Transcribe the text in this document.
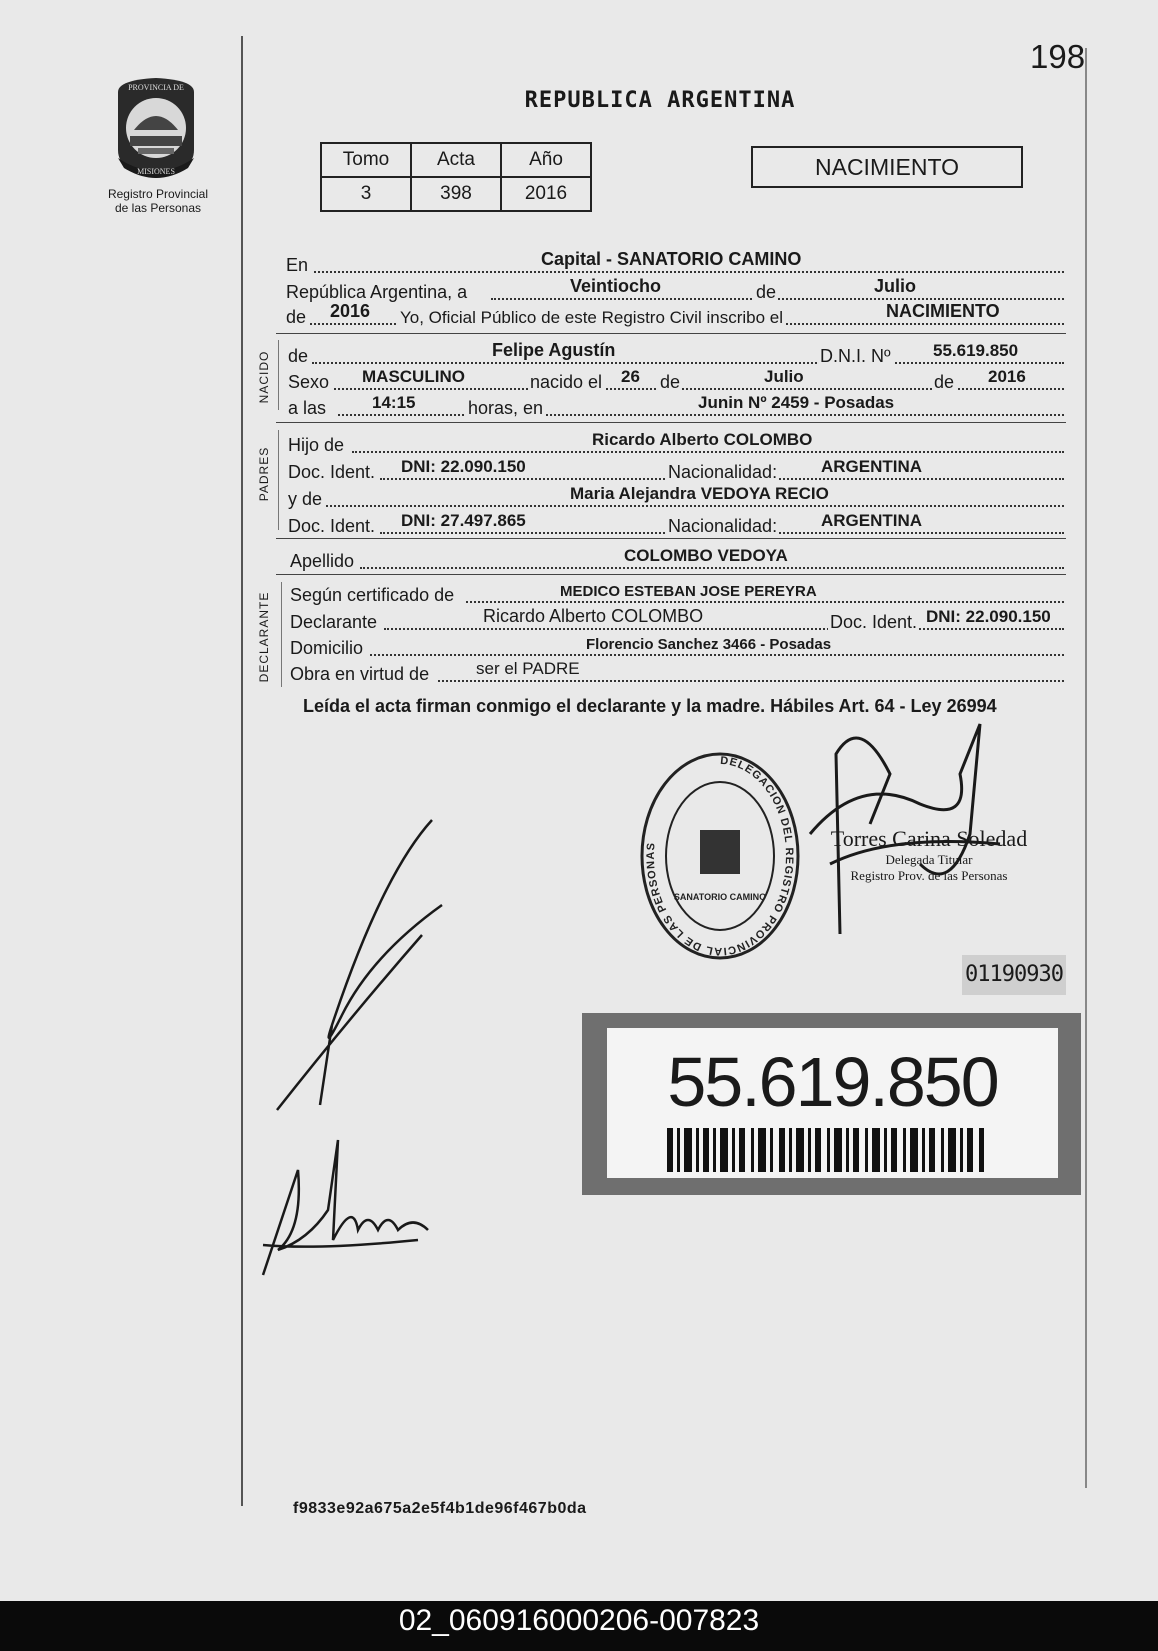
198
PROVINCIA DE
MISIONES
Registro Provincial
de las Personas
REPUBLICA ARGENTINA
Tomo	Acta	Año
3	398	2016
NACIMIENTO
En	Capital - SANATORIO CAMINO
República Argentina, a	Veintiocho	de	Julio
de 2016 Yo, Oficial Público de este Registro Civil inscribo el	NACIMIENTO
NACIDO de	Felipe Agustín	D.N.I. Nº 55.619.850
Sexo MASCULINO	nacido el 26 de	Julio	de 2016
a las	14:15	horas, en	Junin Nº 2459 - Posadas
PADRES
Hijo de	Ricardo Alberto COLOMBO
Doc. Ident. DNI: 22.090.150	Nacionalidad:	ARGENTINA
y de	Maria Alejandra VEDOYA RECIO
Doc. Ident. DNI: 27.497.865	Nacionalidad:	ARGENTINA
Apellido	COLOMBO VEDOYA
DECLARANTE Según certificado de	MEDICO ESTEBAN JOSE PEREYRA
Declarante	Ricardo Alberto COLOMBO	Doc. Ident. DNI: 22.090.150
Domicilio	Florencio Sanchez 3466 - Posadas
Obra en virtud de	ser el PADRE
Leída el acta firman conmigo el declarante y la madre. Hábiles Art. 64 - Ley 26994
DELEGACION DEL REGISTRO PROVINCIAL DE LAS PERSONAS
SANATORIO CAMINO
Torres Carina Soledad
Delegada Titular
Registro Prov. de las Personas
01190930
55.619.850
f9833e92a675a2e5f4b1de96f467b0da
02_060916000206-007823
